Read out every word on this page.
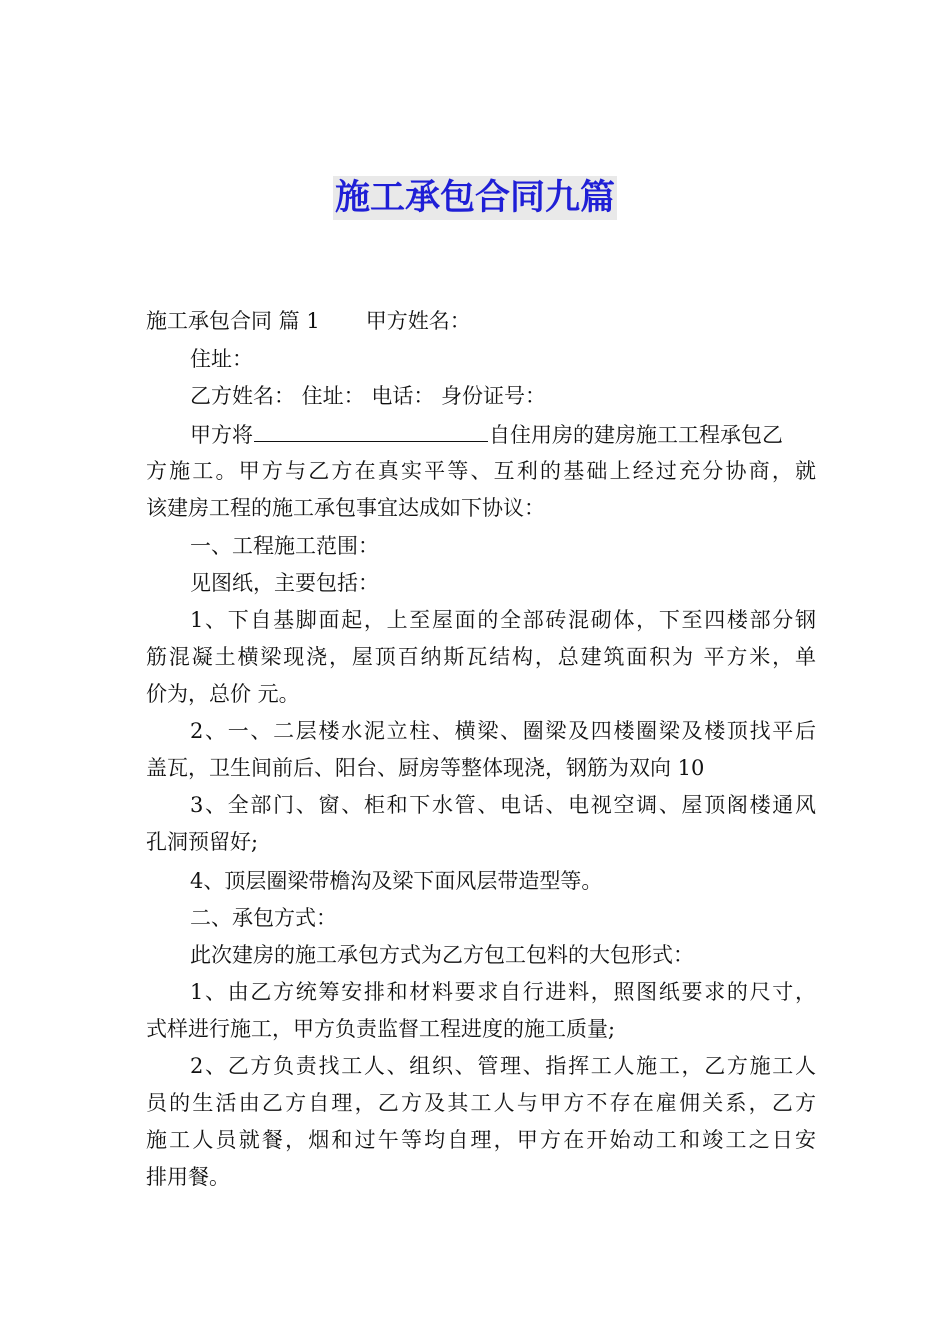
施工承包合同九篇
施工承包合同 篇 1 甲方姓名：
住址：
乙方姓名： 住址： 电话： 身份证号：
甲方将	自住用房的建房施工工程承包乙
方施工。甲方与乙方在真实平等、互利的基础上经过充分协商，就
该建房工程的施工承包事宜达成如下协议：
一、工程施工范围：
见图纸，主要包括：
1、下自基脚面起，上至屋面的全部砖混砌体，下至四楼部分钢
筋混凝土横梁现浇，屋顶百纳斯瓦结构，总建筑面积为 平方米，单
价为，总价 元。
2、一、二层楼水泥立柱、横梁、圈梁及四楼圈梁及楼顶找平后
盖瓦，卫生间前后、阳台、厨房等整体现浇，钢筋为双向 10
3、全部门、窗、柜和下水管、电话、电视空调、屋顶阁楼通风
孔洞预留好;
4、顶层圈梁带檐沟及梁下面风层带造型等。
二、承包方式：
此次建房的施工承包方式为乙方包工包料的大包形式：
1、由乙方统筹安排和材料要求自行进料，照图纸要求的尺寸，
式样进行施工，甲方负责监督工程进度的施工质量;
2、乙方负责找工人、组织、管理、指挥工人施工，乙方施工人
员的生活由乙方自理，乙方及其工人与甲方不存在雇佣关系，乙方
施工人员就餐，烟和过午等均自理，甲方在开始动工和竣工之日安
排用餐。
